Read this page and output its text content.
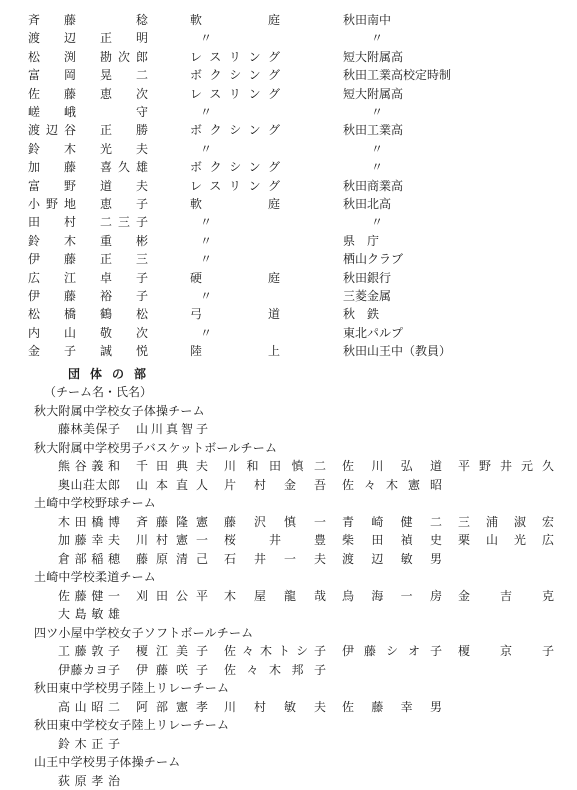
斉　藤　　　稔	軟　庭	秋田南中
渡　辺　正　明	〃	〃
松　渕　勘次郎	レスリング	短大附属高
富　岡　晃　二	ボクシング	秋田工業高校定時制
佐　藤　恵　次	レスリング	短大附属高
嵯　峨　　　守	〃	〃
渡辺谷　正　勝	ボクシング	秋田工業高
鈴　木　光　夫	〃	〃
加　藤　喜久雄	ボクシング	〃
富　野　道　夫	レスリング	秋田商業高
小野地　恵　子	軟　庭	秋田北高
田　村　二三子	〃	〃
鈴　木　重　彬	〃	県　庁
伊　藤　正　三	〃	栖山クラブ
広　江　卓　子	硬　庭	秋田銀行
伊　藤　裕　子	〃	三菱金属
松　橋　鶴　松	弓　道	秋　鉄
内　山　敬　次	〃	東北パルプ
金　子　誠　悦	陸　上	秋田山王中（教員）
団体の部
（チーム名・氏名）
秋大附属中学校女子体操チーム
藤林美保子 山川真智子
秋大附属中学校男子バスケットボールチーム
熊谷義和 千田典夫 川和田慎二 佐川弘道 平野井元久
奥山荘太郎 山本直人 片村金吾 佐々木憲昭
土崎中学校野球チーム
木田橋博 斉藤隆憲 藤沢慎一 青崎健二 三浦淑宏
加藤幸夫 川村憲一 桜井豊 柴田禎史 栗山光広
倉部稲穂 藤原清己 石井一夫 渡辺敏男
土崎中学校柔道チーム
佐藤健一 刈田公平 木屋龍哉 烏海一房 金吉克
大島敏雄
四ツ小屋中学校女子ソフトボールチーム
工藤敦子 榎江美子 佐々木トシ子 伊藤シオ子 榎京子
伊藤カヨ子 伊藤咲子 佐々木邦子
秋田東中学校男子陸上リレーチーム
高山昭二 阿部憲孝 川村敏夫 佐藤幸男
秋田東中学校女子陸上リレーチーム
鈴木正子
山王中学校男子体操チーム
荻原孝治
